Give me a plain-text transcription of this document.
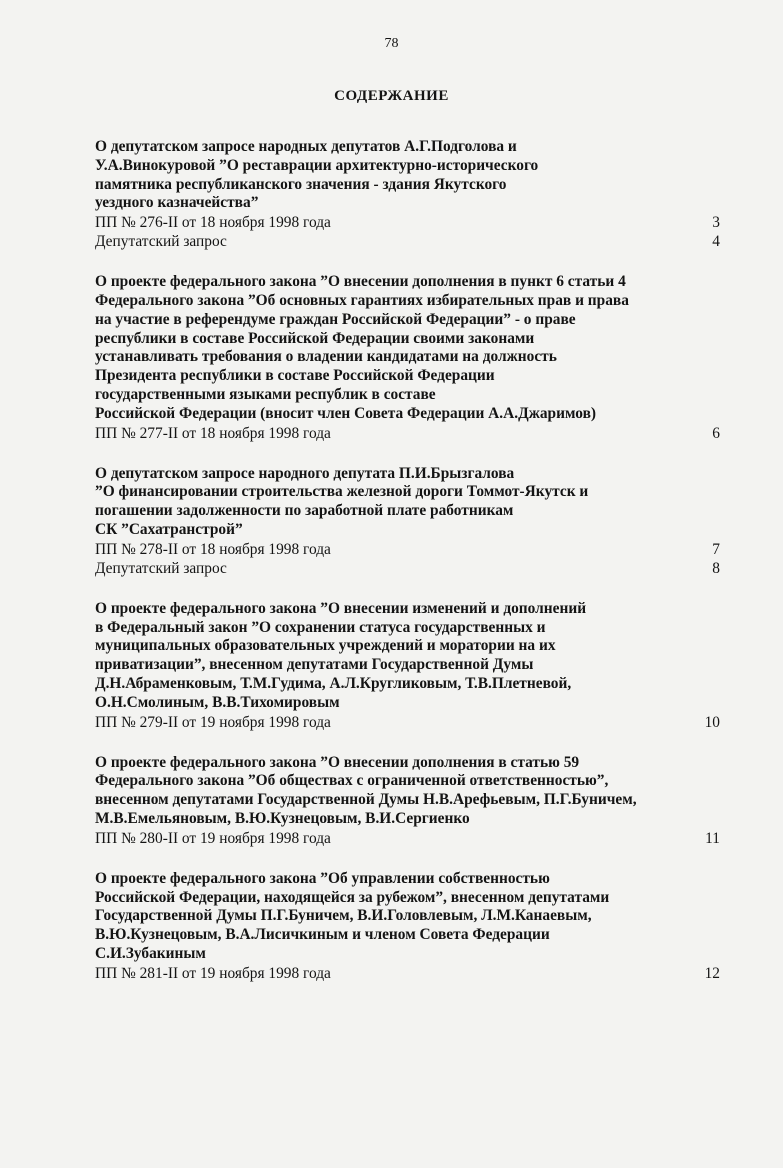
78
СОДЕРЖАНИЕ
О депутатском запросе народных депутатов А.Г.Подголова и
У.А.Винокуровой ”О реставрации архитектурно-исторического
памятника республиканского значения - здания Якутского
уездного казначейства”
ПП № 276-II от 18 ноября 1998 года	3
Депутатский запрос	4
О проекте федерального закона ”О внесении дополнения в пункт 6 статьи 4
Федерального закона ”Об основных гарантиях избирательных прав и права
на участие в референдуме граждан Российской Федерации” - о праве
республики в составе Российской Федерации своими законами
устанавливать требования о владении кандидатами на должность
Президента республики в составе Российской Федерации
государственными языками республик в составе
Российской Федерации (вносит член Совета Федерации А.А.Джаримов)
ПП № 277-II от 18 ноября 1998 года	6
О депутатском запросе народного депутата П.И.Брызгалова
”О финансировании строительства железной дороги Томмот-Якутск и
погашении задолженности по заработной плате работникам
СК ”Сахатранстрой”
ПП № 278-II от 18 ноября 1998 года	7
Депутатский запрос	8
О проекте федерального закона ”О внесении изменений и дополнений
в Федеральный закон ”О сохранении статуса государственных и
муниципальных образовательных учреждений и моратории на их
приватизации”, внесенном депутатами Государственной Думы
Д.Н.Абраменковым, Т.М.Гудима, А.Л.Кругликовым, Т.В.Плетневой,
О.Н.Смолиным, В.В.Тихомировым
ПП № 279-II от 19 ноября 1998 года	10
О проекте федерального закона ”О внесении дополнения в статью 59
Федерального закона ”Об обществах с ограниченной ответственностью”,
внесенном депутатами Государственной Думы Н.В.Арефьевым, П.Г.Буничем,
М.В.Емельяновым, В.Ю.Кузнецовым, В.И.Сергиенко
ПП № 280-II от 19 ноября 1998 года	11
О проекте федерального закона ”Об управлении собственностью
Российской Федерации, находящейся за рубежом”, внесенном депутатами
Государственной Думы П.Г.Буничем, В.И.Головлевым, Л.М.Канаевым,
В.Ю.Кузнецовым, В.А.Лисичкиным и членом Совета Федерации
С.И.Зубакиным
ПП № 281-II от 19 ноября 1998 года	12
